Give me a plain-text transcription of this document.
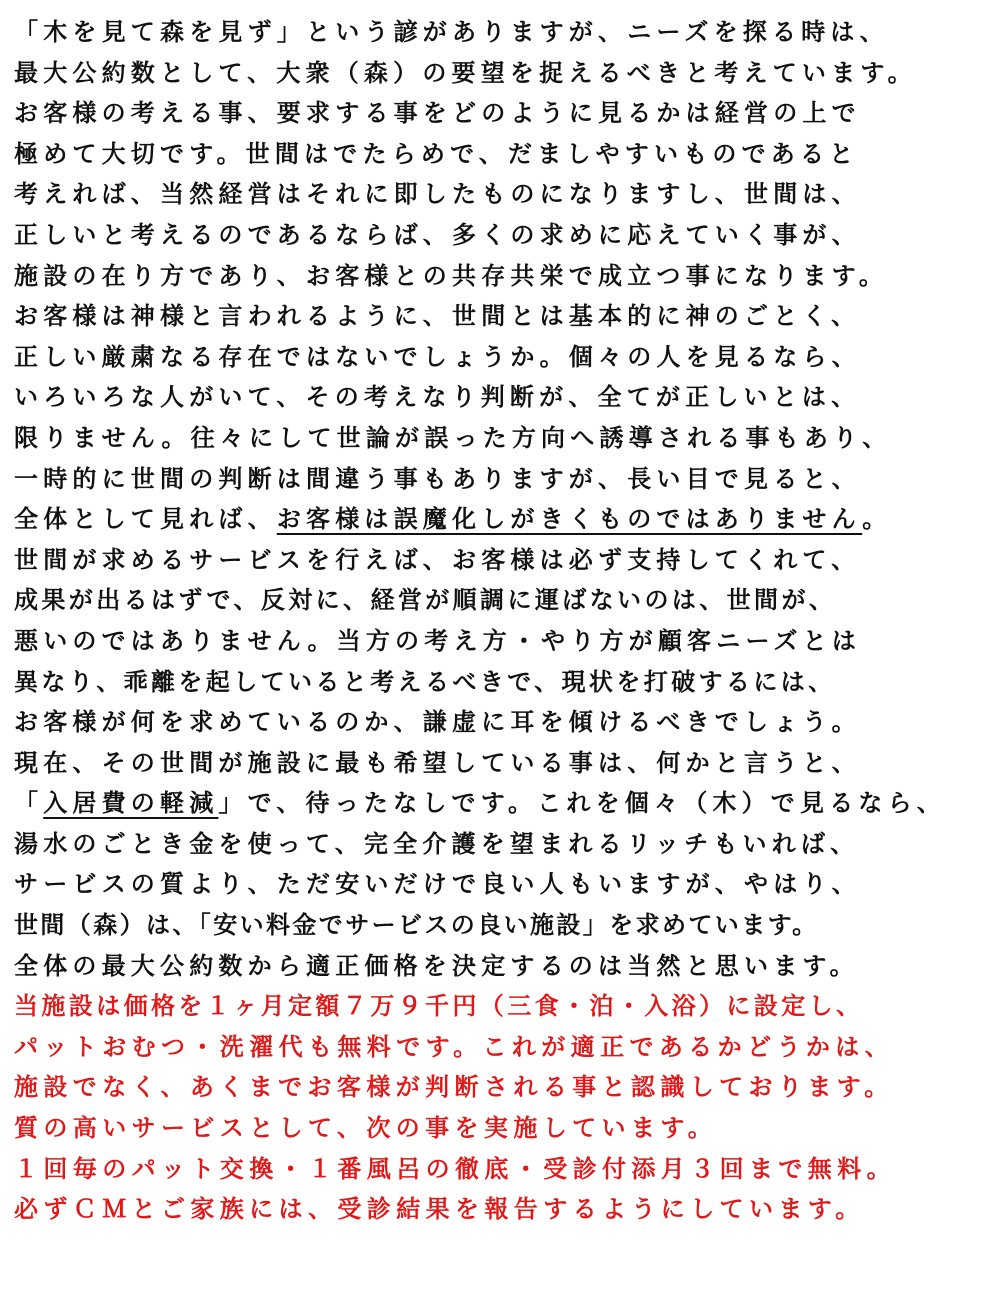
「木を見て森を見ず」という諺がありますが、ニーズを探る時は、
最大公約数として、大衆（森）の要望を捉えるべきと考えています。
お客様の考える事、要求する事をどのように見るかは経営の上で
極めて大切です。世間はでたらめで、だましやすいものであると
考えれば、当然経営はそれに即したものになりますし、世間は、
正しいと考えるのであるならば、多くの求めに応えていく事が、
施設の在り方であり、お客様との共存共栄で成立つ事になります。
お客様は神様と言われるように、世間とは基本的に神のごとく、
正しい厳粛なる存在ではないでしょうか。個々の人を見るなら、
いろいろな人がいて、その考えなり判断が、全てが正しいとは、
限りません。往々にして世論が誤った方向へ誘導される事もあり、
一時的に世間の判断は間違う事もありますが、長い目で見ると、
全体として見れば、お客様は誤魔化しがきくものではありません。
世間が求めるサービスを行えば、お客様は必ず支持してくれて、
成果が出るはずで、反対に、経営が順調に運ばないのは、世間が、
悪いのではありません。当方の考え方・やり方が顧客ニーズとは
異なり、乖離を起していると考えるべきで、現状を打破するには、
お客様が何を求めているのか、謙虚に耳を傾けるべきでしょう。
現在、その世間が施設に最も希望している事は、何かと言うと、
「入居費の軽減」で、待ったなしです。これを個々（木）で見るなら、
湯水のごとき金を使って、完全介護を望まれるリッチもいれば、
サービスの質より、ただ安いだけで良い人もいますが、やはり、
世間（森）は、「安い料金でサービスの良い施設」を求めています。
全体の最大公約数から適正価格を決定するのは当然と思います。
当施設は価格を１ヶ月定額７万９千円（三食・泊・入浴）に設定し、
パットおむつ・洗濯代も無料です。これが適正であるかどうかは、
施設でなく、あくまでお客様が判断される事と認識しております。
質の高いサービスとして、次の事を実施しています。
１回毎のパット交換・１番風呂の徹底・受診付添月３回まで無料。
必ずＣＭとご家族には、受診結果を報告するようにしています。
